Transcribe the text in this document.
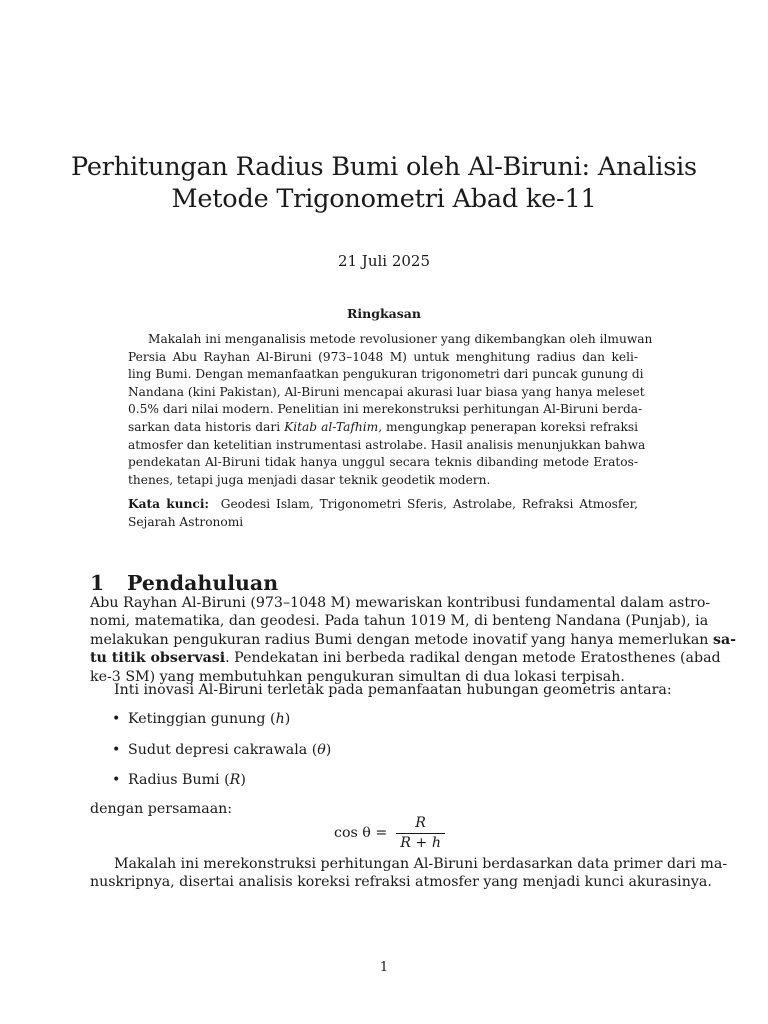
Perhitungan Radius Bumi oleh Al-Biruni: Analisis
Metode Trigonometri Abad ke-11
21 Juli 2025
Ringkasan
Makalah ini menganalisis metode revolusioner yang dikembangkan oleh ilmuwan
Persia Abu Rayhan Al-Biruni (973–1048 M) untuk menghitung radius dan keli-
ling Bumi. Dengan memanfaatkan pengukuran trigonometri dari puncak gunung di
Nandana (kini Pakistan), Al-Biruni mencapai akurasi luar biasa yang hanya meleset
0.5% dari nilai modern. Penelitian ini merekonstruksi perhitungan Al-Biruni berda-
sarkan data historis dari Kitab al-Tafhim, mengungkap penerapan koreksi refraksi
atmosfer dan ketelitian instrumentasi astrolabe. Hasil analisis menunjukkan bahwa
pendekatan Al-Biruni tidak hanya unggul secara teknis dibanding metode Eratos-
thenes, tetapi juga menjadi dasar teknik geodetik modern.
Kata kunci: Geodesi Islam, Trigonometri Sferis, Astrolabe, Refraksi Atmosfer,
Sejarah Astronomi
1 Pendahuluan
Abu Rayhan Al-Biruni (973–1048 M) mewariskan kontribusi fundamental dalam astro-
nomi, matematika, dan geodesi. Pada tahun 1019 M, di benteng Nandana (Punjab), ia
melakukan pengukuran radius Bumi dengan metode inovatif yang hanya memerlukan sa-
tu titik observasi. Pendekatan ini berbeda radikal dengan metode Eratosthenes (abad
ke-3 SM) yang membutuhkan pengukuran simultan di dua lokasi terpisah.
Inti inovasi Al-Biruni terletak pada pemanfaatan hubungan geometris antara:
• Ketinggian gunung (h)
• Sudut depresi cakrawala (θ)
• Radius Bumi (R)
dengan persamaan:
$\cos \theta = \frac{R}{R + h}$
Makalah ini merekonstruksi perhitungan Al-Biruni berdasarkan data primer dari ma-
nuskripnya, disertai analisis koreksi refraksi atmosfer yang menjadi kunci akurasinya.
1
